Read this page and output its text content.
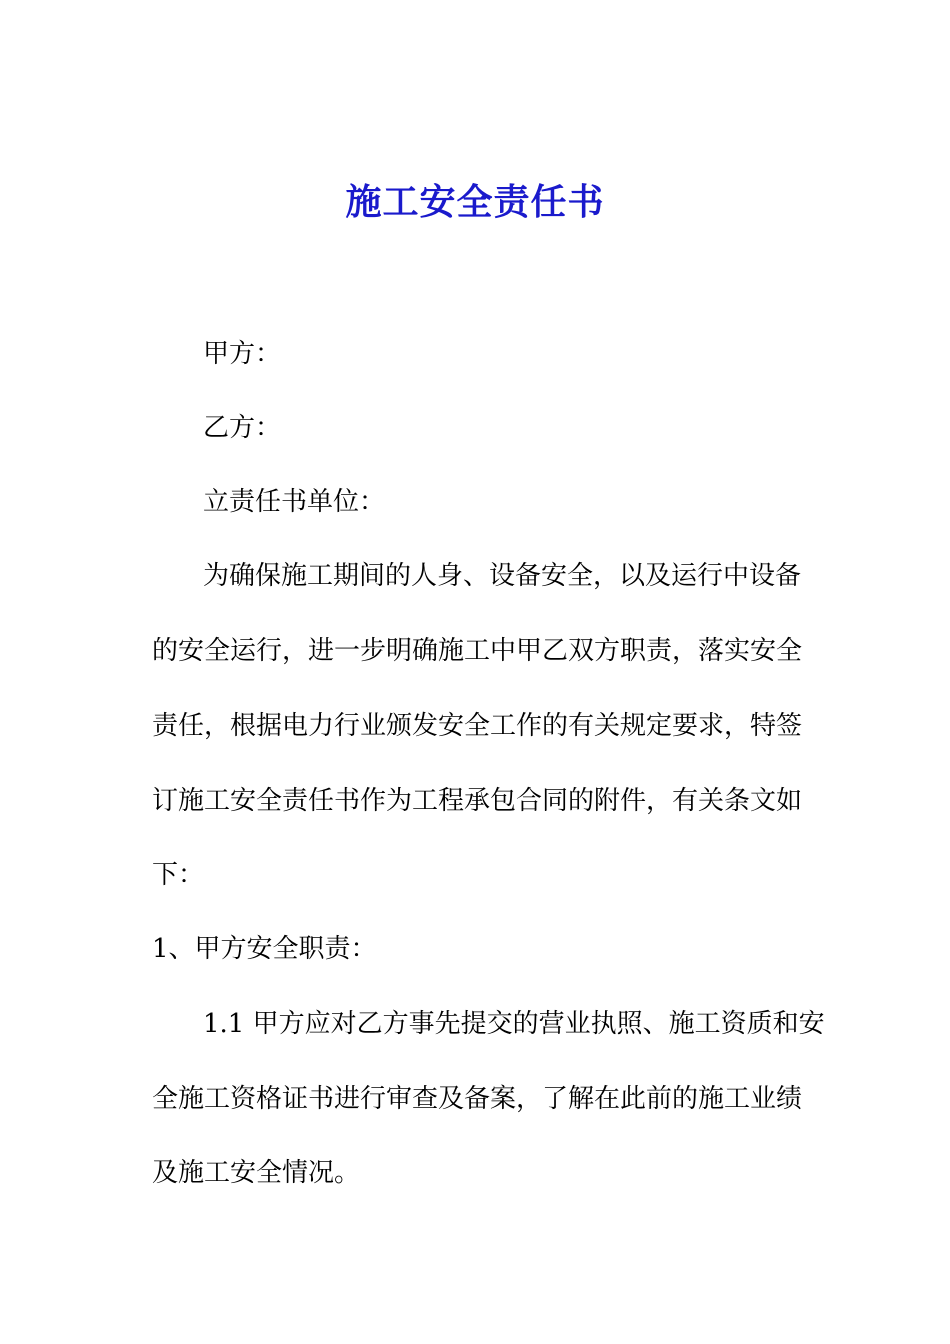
施工安全责任书
甲方：
乙方：
立责任书单位：
为确保施工期间的人身、设备安全，以及运行中设备
的安全运行，进一步明确施工中甲乙双方职责，落实安全
责任，根据电力行业颁发安全工作的有关规定要求，特签
订施工安全责任书作为工程承包合同的附件，有关条文如
下：
1、甲方安全职责：
1.1 甲方应对乙方事先提交的营业执照、施工资质和安
全施工资格证书进行审查及备案，了解在此前的施工业绩
及施工安全情况。
